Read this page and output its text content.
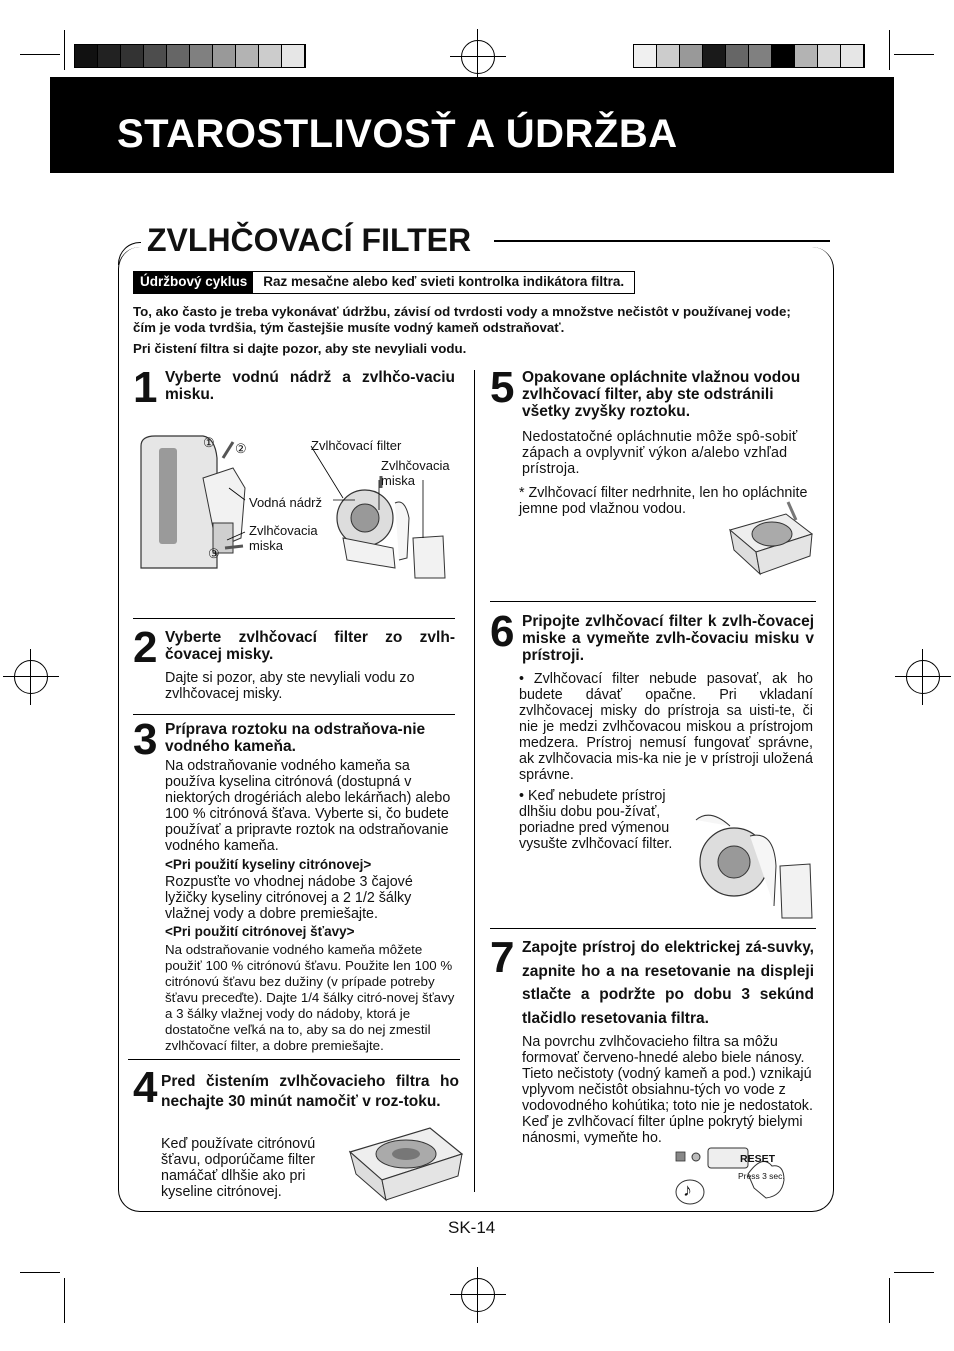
STAROSTLIVOSŤ A ÚDRŽBA
ZVLHČOVACÍ FILTER
Údržbový cyklus	Raz mesačne alebo keď svieti kontrolka indikátora filtra.
To, ako často je treba vykonávať údržbu, závisí od tvrdosti vody a množstve nečistôt v používanej vode; čím je voda tvrdšia, tým častejšie musíte vodný kameň odstraňovať.
Pri čistení filtra si dajte pozor, aby ste nevyliali vodu.
1 Vyberte vodnú nádrž a zvlhčo-vaciu misku.
① ②
③
Zvlhčovací filter
Zvlhčovacia
miska
Vodná nádrž
Zvlhčovacia
miska
2 Vyberte zvlhčovací filter zo zvlh-čovacej misky.
Dajte si pozor, aby ste nevyliali vodu zo zvlhčovacej misky.
3 Príprava roztoku na odstraňova-nie vodného kameňa.
Na odstraňovanie vodného kameňa sa používa kyselina citrónová (dostupná v niektorých drogériách alebo lekárňach) alebo 100 % citrónová šťava. Vyberte si, čo budete používať a pripravte roztok na odstraňovanie vodného kameňa.
<Pri použití kyseliny citrónovej>
Rozpusťte vo vhodnej nádobe 3 čajové lyžičky kyseliny citrónovej a 2 1/2 šálky vlažnej vody a dobre premiešajte.
<Pri použití citrónovej šťavy>
Na odstraňovanie vodného kameňa môžete použiť 100 % citrónovú šťavu. Použite len 100 % citrónovú šťavu bez dužiny (v prípade potreby šťavu preceďte). Dajte 1/4 šálky citró-novej šťavy a 3 šálky vlažnej vody do nádoby, ktorá je dostatočne veľká na to, aby sa do nej zmestil zvlhčovací filter, a dobre premiešajte.
4 Pred čistením zvlhčovacieho filtra ho nechajte 30 minút namočiť v roz-toku.
Keď používate citrónovú šťavu, odporúčame filter namáčať dlhšie ako pri kyseline citrónovej.
5 Opakovane opláchnite vlažnou vodou zvlhčovací filter, aby ste odstránili všetky zvyšky roztoku.
Nedostatočné opláchnutie môže spô-sobiť zápach a ovplyvniť výkon a/alebo vzhľad prístroja.
* Zvlhčovací filter nedrhnite, len ho opláchnite jemne pod vlažnou vodou.
6 Pripojte zvlhčovací filter k zvlh-čovacej miske a vymeňte zvlh-čovaciu misku v prístroji.
• Zvlhčovací filter nebude pasovať, ak ho budete dávať opačne. Pri vkladaní zvlhčovacej misky do prístroja sa uisti-te, či nie je medzi zvlhčovacou miskou a prístrojom medzera. Prístroj nemusí fungovať správne, ak zvlhčovacia mis-ka nie je v prístroji uložená správne.
• Keď nebudete prístroj dlhšiu dobu pou-žívať, poriadne pred výmenou vysušte zvlhčovací filter.
7 Zapojte prístroj do elektrickej zá-suvky, zapnite ho a na resetovanie na displeji stlačte a podržte po dobu 3 sekúnd tlačidlo resetovania filtra.
Na povrchu zvlhčovacieho filtra sa môžu formovať červeno-hnedé alebo biele nánosy. Tieto nečistoty (vodný kameň a pod.) vznikajú vplyvom nečistôt obsiahnu-tých vo vode z vodovodného kohútika; toto nie je nedostatok. Keď je zvlhčovací filter úplne pokrytý bielymi nánosmi, vymeňte ho.
RESET
Press 3 sec.
♪
SK-14
